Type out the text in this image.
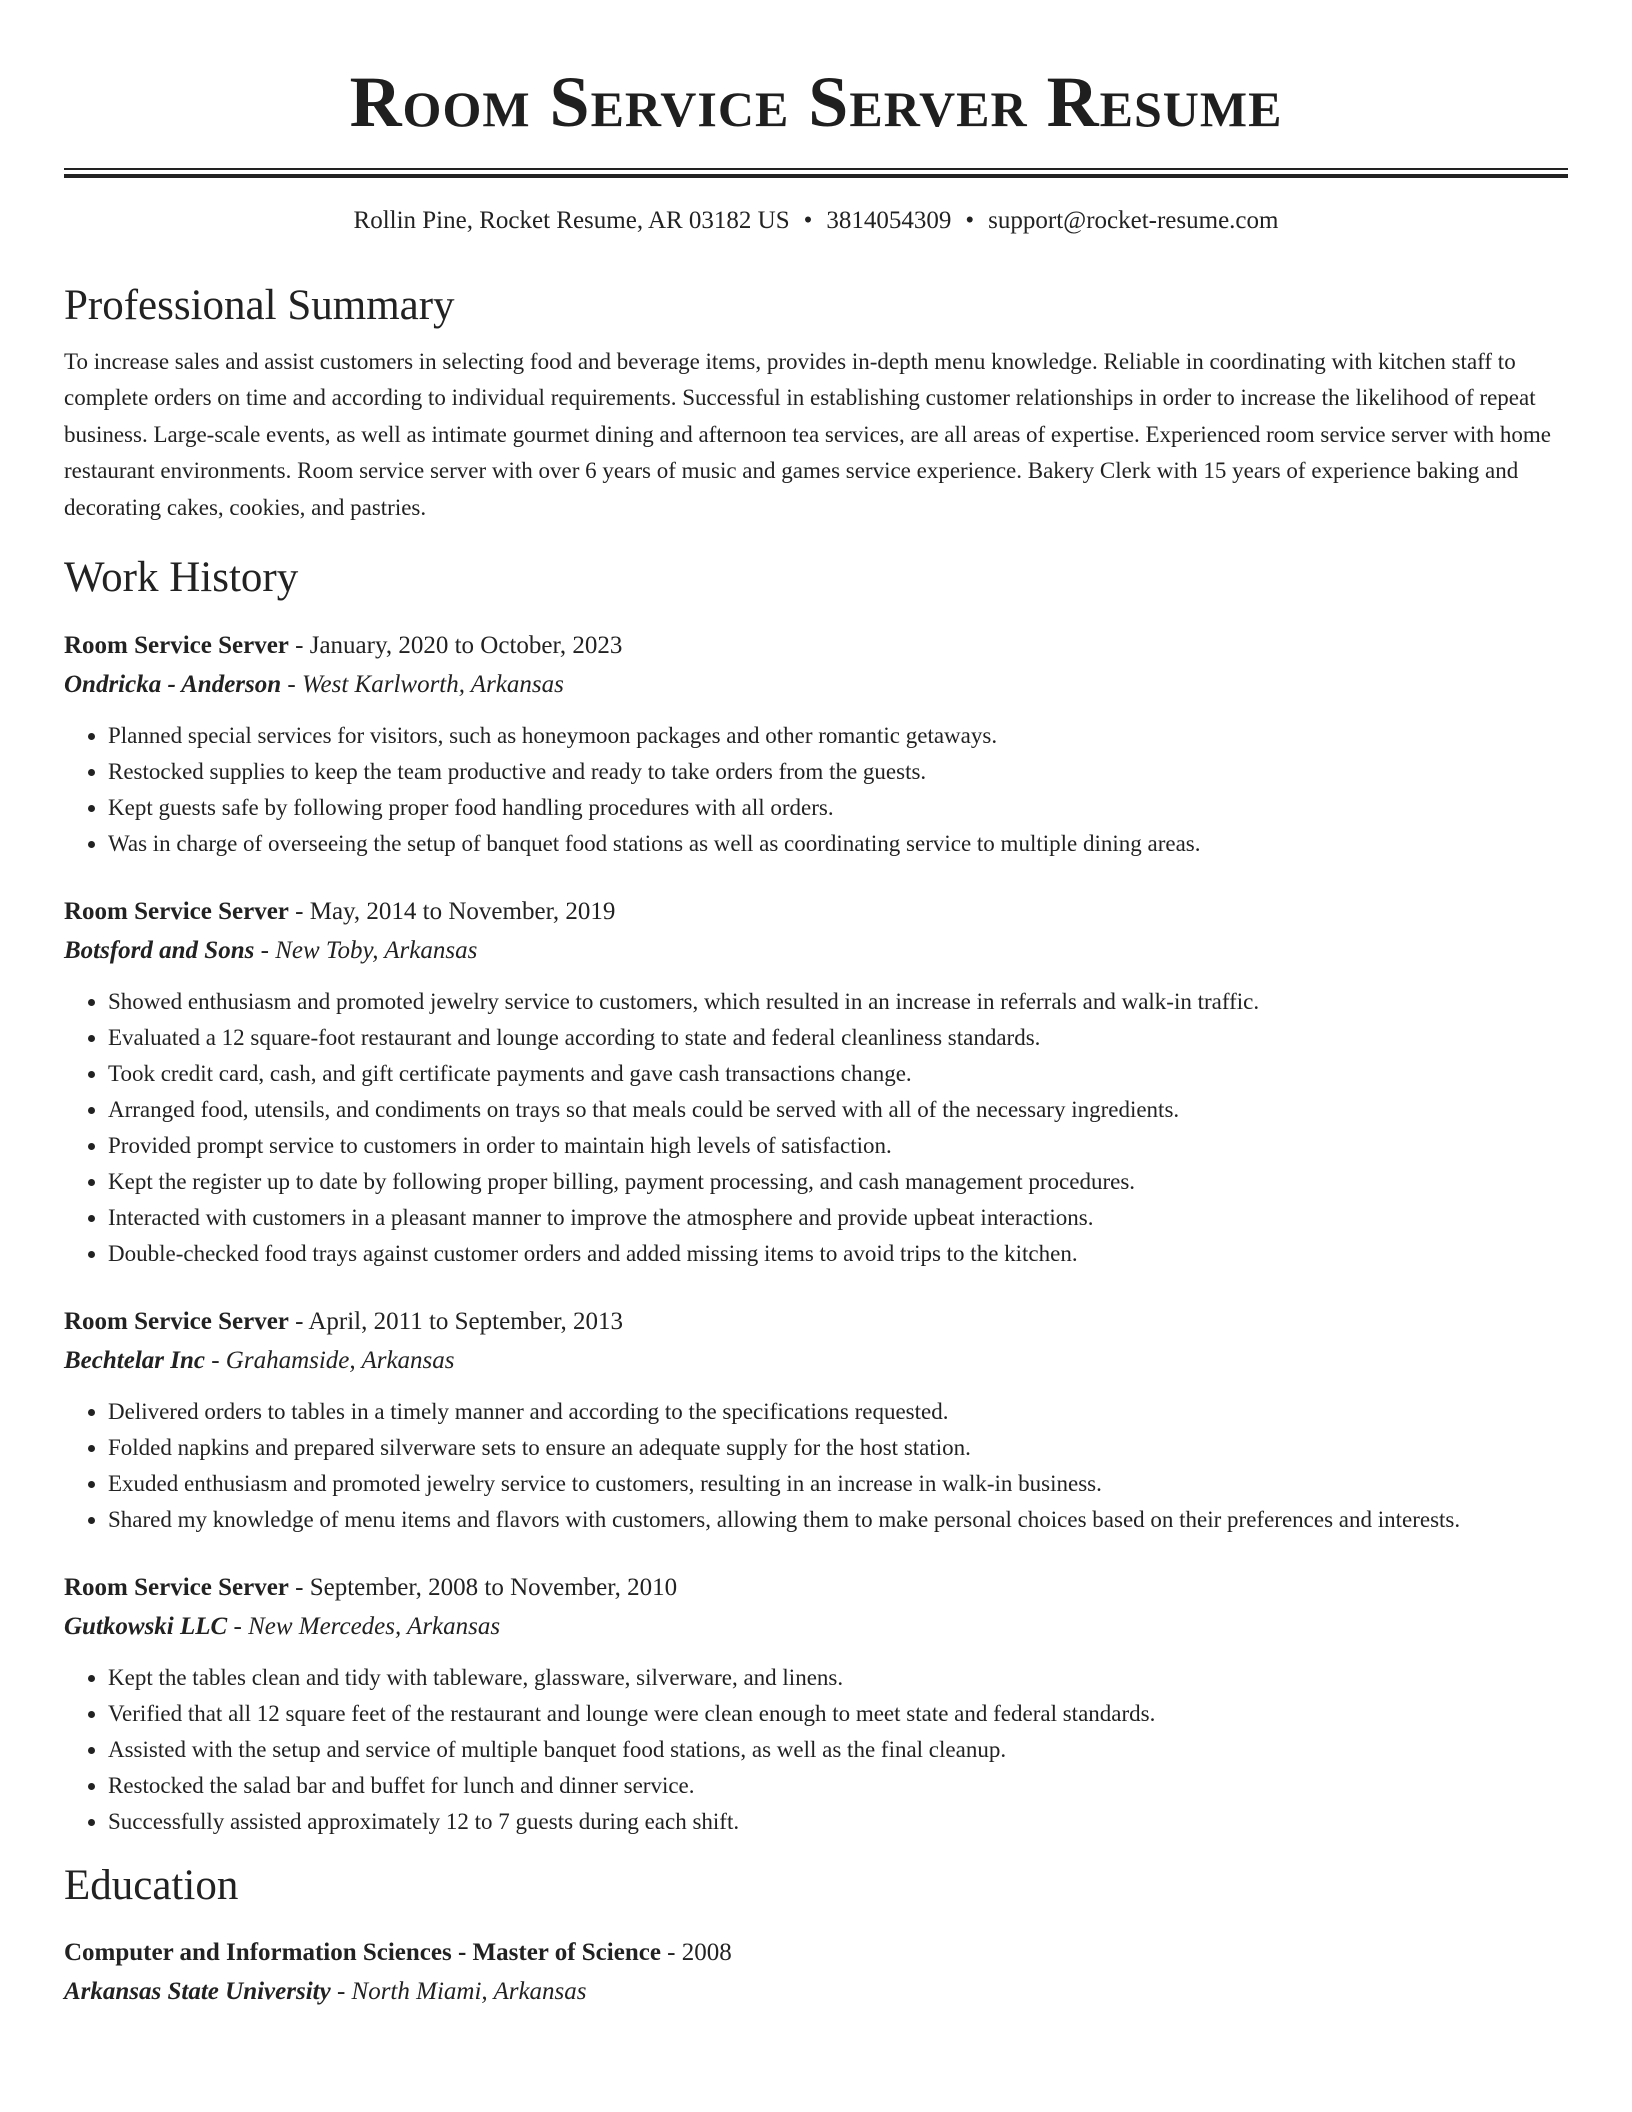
Room Service Server Resume
Rollin Pine, Rocket Resume, AR 03182 US • 3814054309 • support@rocket-resume.com
Professional Summary

To increase sales and assist customers in selecting food and beverage items, provides in-depth menu knowledge. Reliable in coordinating with kitchen staff to complete orders on time and according to individual requirements. Successful in establishing customer relationships in order to increase the likelihood of repeat business. Large-scale events, as well as intimate gourmet dining and afternoon tea services, are all areas of expertise. Experienced room service server with home restaurant environments. Room service server with over 6 years of music and games service experience. Bakery Clerk with 15 years of experience baking and decorating cakes, cookies, and pastries.

Work History
Room Service Server - January, 2020 to October, 2023
Ondricka - Anderson - West Karlworth, Arkansas
• Planned special services for visitors, such as honeymoon packages and other romantic getaways.
• Restocked supplies to keep the team productive and ready to take orders from the guests.
• Kept guests safe by following proper food handling procedures with all orders.
• Was in charge of overseeing the setup of banquet food stations as well as coordinating service to multiple dining areas.
Room Service Server - May, 2014 to November, 2019
Botsford and Sons - New Toby, Arkansas
• Showed enthusiasm and promoted jewelry service to customers, which resulted in an increase in referrals and walk-in traffic.
• Evaluated a 12 square-foot restaurant and lounge according to state and federal cleanliness standards.
• Took credit card, cash, and gift certificate payments and gave cash transactions change.
• Arranged food, utensils, and condiments on trays so that meals could be served with all of the necessary ingredients.
• Provided prompt service to customers in order to maintain high levels of satisfaction.
• Kept the register up to date by following proper billing, payment processing, and cash management procedures.
• Interacted with customers in a pleasant manner to improve the atmosphere and provide upbeat interactions.
• Double-checked food trays against customer orders and added missing items to avoid trips to the kitchen.
Room Service Server - April, 2011 to September, 2013
Bechtelar Inc - Grahamside, Arkansas
• Delivered orders to tables in a timely manner and according to the specifications requested.
• Folded napkins and prepared silverware sets to ensure an adequate supply for the host station.
• Exuded enthusiasm and promoted jewelry service to customers, resulting in an increase in walk-in business.
• Shared my knowledge of menu items and flavors with customers, allowing them to make personal choices based on their preferences and interests.
Room Service Server - September, 2008 to November, 2010
Gutkowski LLC - New Mercedes, Arkansas
• Kept the tables clean and tidy with tableware, glassware, silverware, and linens.
• Verified that all 12 square feet of the restaurant and lounge were clean enough to meet state and federal standards.
• Assisted with the setup and service of multiple banquet food stations, as well as the final cleanup.
• Restocked the salad bar and buffet for lunch and dinner service.
• Successfully assisted approximately 12 to 7 guests during each shift.
Education
Computer and Information Sciences - Master of Science - 2008
Arkansas State University - North Miami, Arkansas
